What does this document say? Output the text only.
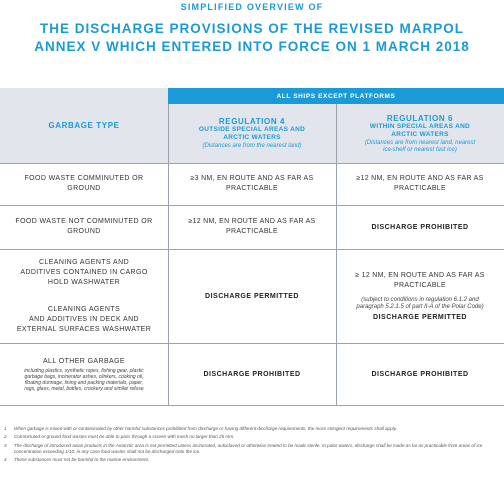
SIMPLIFIED OVERVIEW OF
THE DISCHARGE PROVISIONS OF THE REVISED MARPOL
ANNEX V WHICH ENTERED INTO FORCE ON 1 MARCH 2018
ALL SHIPS EXCEPT PLATFORMS
GARBAGE TYPE	REGULATION 4
OUTSIDE SPECIAL AREAS AND
ARCTIC WATERS
(Distances are from the nearest land)
REGULATION 6
WITHIN SPECIAL AREAS AND
ARCTIC WATERS
(Distances are from nearest land, nearest
ice-shelf or nearest fast ice)
FOOD WASTE COMMINUTED OR
GROUND
≥3 NM, EN ROUTE AND AS FAR AS
PRACTICABLE
≥12 NM, EN ROUTE AND AS FAR AS
PRACTICABLE
FOOD WASTE NOT COMMINUTED OR
GROUND
≥12 NM, EN ROUTE AND AS FAR AS
PRACTICABLE
DISCHARGE PROHIBITED
CLEANING AGENTS AND
ADDITIVES CONTAINED IN CARGO
HOLD WASHWATER
CLEANING AGENTS
AND ADDITIVES IN DECK AND
EXTERNAL SURFACES WASHWATER
DISCHARGE PERMITTED
≥ 12 NM, EN ROUTE AND AS FAR AS
PRACTICABLE
(subject to conditions in regulation 6.1.2 and
paragraph 5.2.1.5 of part II-A of the Polar Code)
DISCHARGE PERMITTED
ALL OTHER GARBAGE
including plastics, synthetic ropes, fishing gear, plastic
garbage bags, incinerator ashes, clinkers, cooking oil,
floating dunnage, lining and packing materials, paper,
rags, glass, metal, bottles, crockery and similar refuse
DISCHARGE PROHIBITED	DISCHARGE PROHIBITED
1 When garbage is mixed with or contaminated by other harmful substances prohibited from discharge or having different discharge requirements, the more stringent requirements shall apply.
2 Comminuted or ground food wastes must be able to pass through a screen with mesh no larger than 25 mm.
3 The discharge of introduced avian products in the Antarctic area is not permitted unless incinerated, autoclaved or otherwise treated to be made sterile. In polar waters, discharge shall be made as far as practicable from areas of ice concentration exceeding 1/10; in any case food wastes shall not be discharged onto the ice.
4 These substances must not be harmful to the marine environment.
